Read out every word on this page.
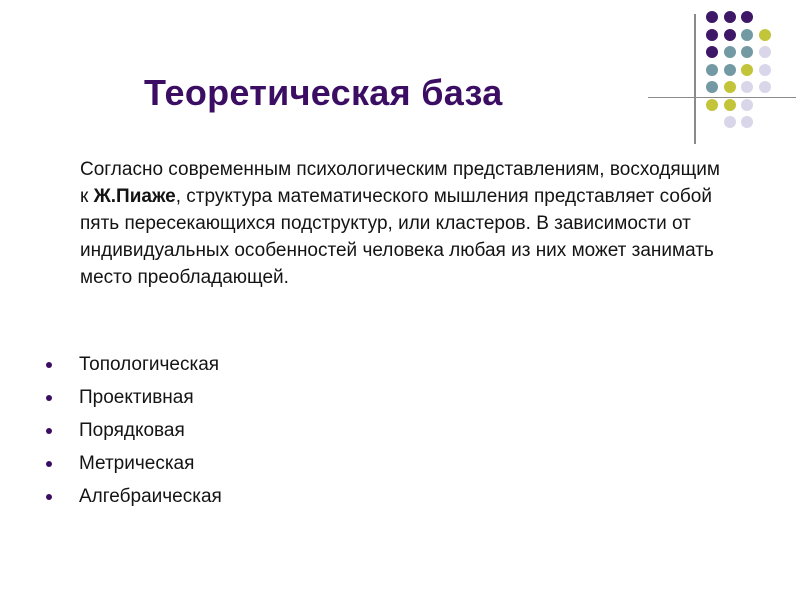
Теоретическая база

Согласно современным психологическим представлениям, восходящим к Ж.Пиаже, структура математического мышления представляет собой пять пересекающихся подструктур, или кластеров. В зависимости от индивидуальных особенностей человека любая из них может занимать место преобладающей.

Топологическая
Проективная
Порядковая
Метрическая
Алгебраическая
